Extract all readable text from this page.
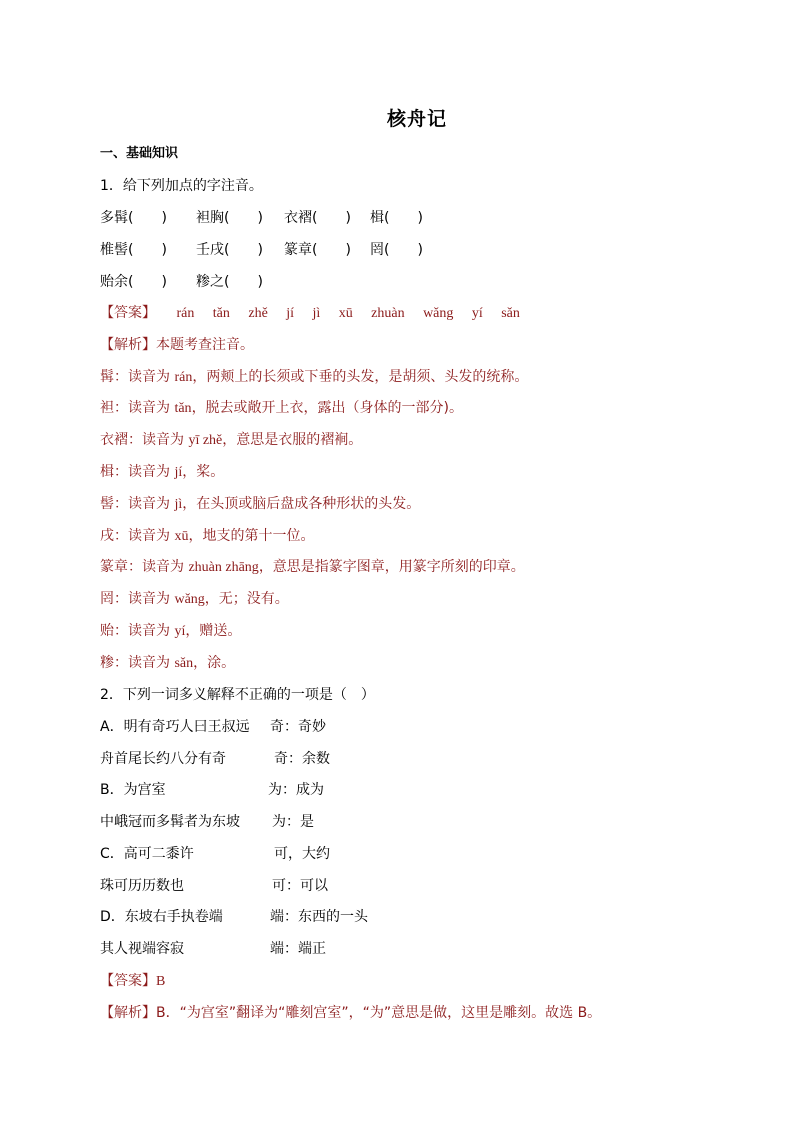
核舟记
一、基础知识
1．给下列加点的字注音。
多髯(　　) 袒胸(　　) 衣褶(　　) 楫(　　)
椎髻(　　) 壬戌(　　) 篆章(　　) 罔(　　)
贻余(　　) 糁之(　　)
【答案】 rán tǎn zhě jí jì xū zhuàn wǎng yí sǎn
【解析】本题考查注音。
髯：读音为 rán，两颊上的长须或下垂的头发，是胡须、头发的统称。
袒：读音为 tǎn，脱去或敞开上衣，露出（身体的一部分)。
衣褶：读音为 yī zhě，意思是衣服的褶裥。
楫：读音为 jí，桨。
髻：读音为 jì，在头顶或脑后盘成各种形状的头发。
戌：读音为 xū，地支的第十一位。
篆章：读音为 zhuàn zhāng，意思是指篆字图章，用篆字所刻的印章。
罔：读音为 wǎng，无；没有。
贻：读音为 yí，赠送。
糁：读音为 sǎn，涂。
2．下列一词多义解释不正确的一项是（　）
A．明有奇巧人曰王叔远 奇：奇妙
舟首尾长约八分有奇	奇：余数
B．为宫室	为：成为
中峨冠而多髯者为东坡 为：是
C．高可二黍许	可，大约
珠可历历数也	可：可以
D．东坡右手执卷端	端：东西的一头
其人视端容寂	端：端正
【答案】B
【解析】B．“为宫室”翻译为“雕刻宫室”，“为”意思是做，这里是雕刻。故选 B。
